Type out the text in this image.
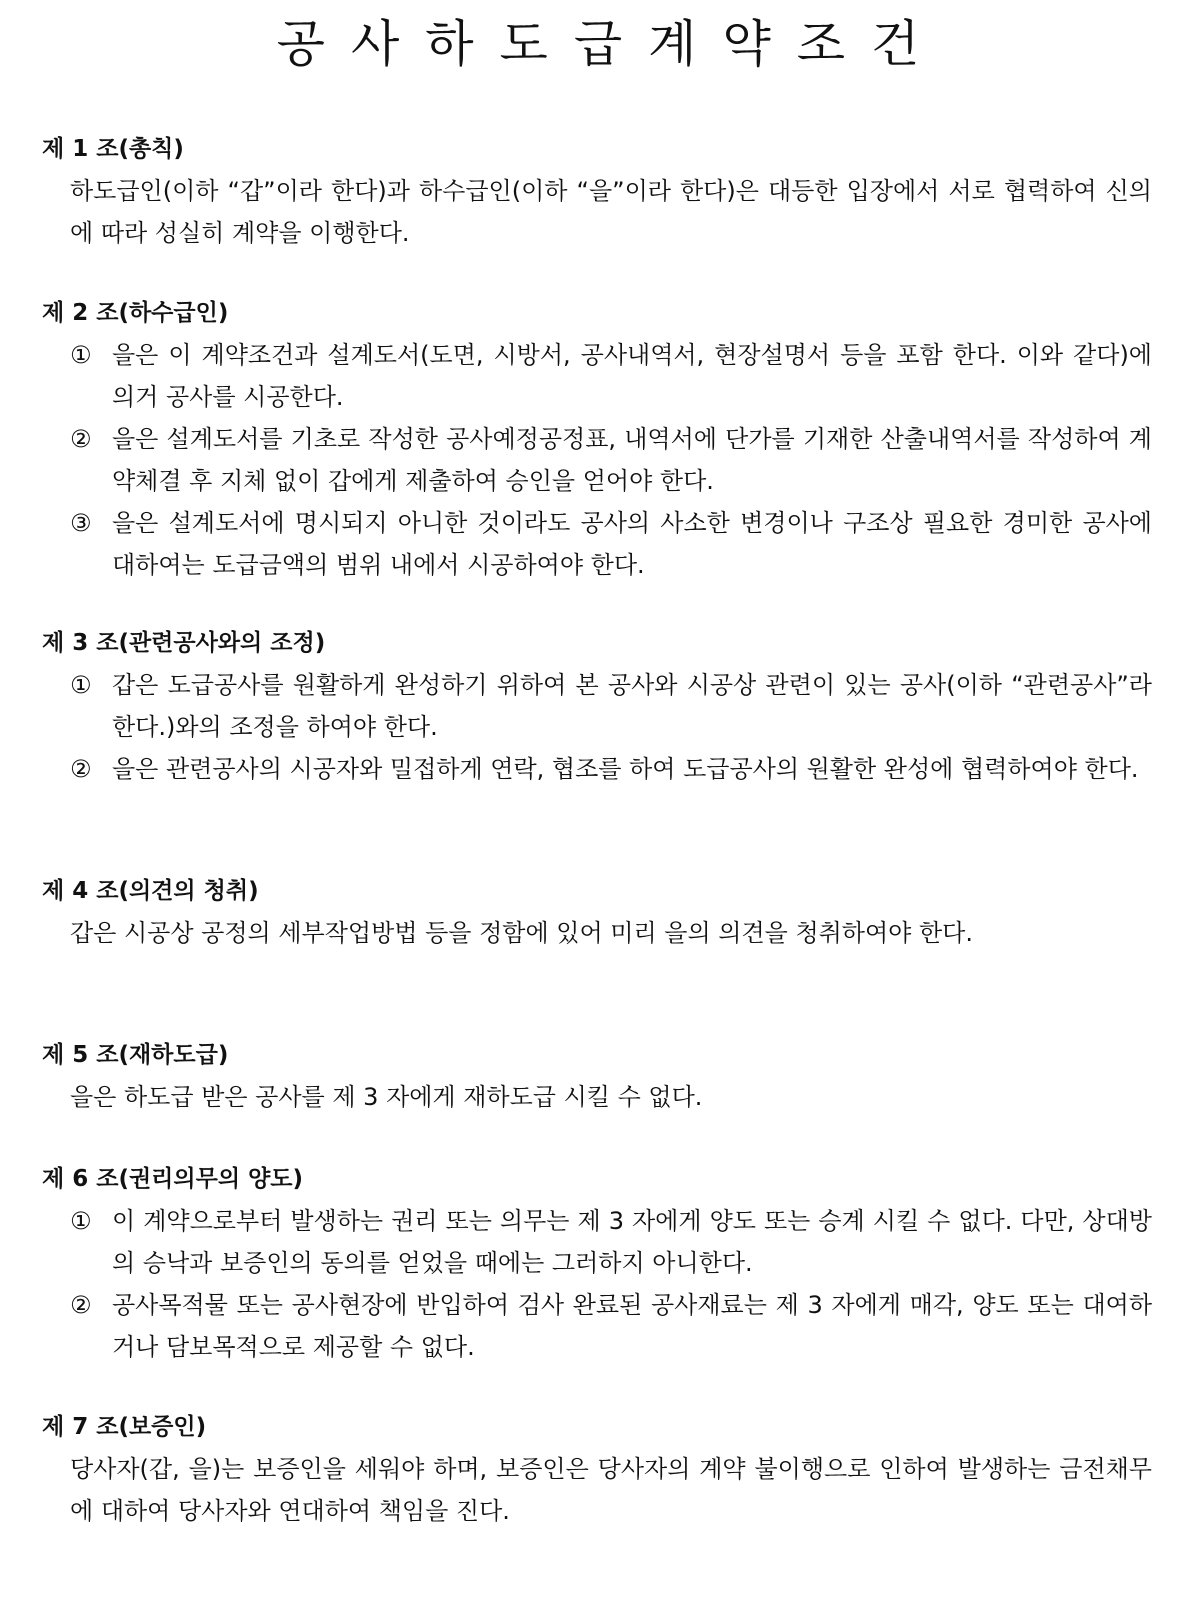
공사하도급계약조건
제 1 조(총칙)
하도급인(이하 “갑”이라 한다)과 하수급인(이하 “을”이라 한다)은 대등한 입장에서 서로 협력하여 신의에 따라 성실히 계약을 이행한다.
제 2 조(하수급인)
① 을은 이 계약조건과 설계도서(도면, 시방서, 공사내역서, 현장설명서 등을 포함 한다. 이와 같다)에 의거 공사를 시공한다.
② 을은 설계도서를 기초로 작성한 공사예정공정표, 내역서에 단가를 기재한 산출내역서를 작성하여 계약체결 후 지체 없이 갑에게 제출하여 승인을 얻어야 한다.
③ 을은 설계도서에 명시되지 아니한 것이라도 공사의 사소한 변경이나 구조상 필요한 경미한 공사에 대하여는 도급금액의 범위 내에서 시공하여야 한다.
제 3 조(관련공사와의 조정)
① 갑은 도급공사를 원활하게 완성하기 위하여 본 공사와 시공상 관련이 있는 공사(이하 “관련공사”라 한다.)와의 조정을 하여야 한다.
② 을은 관련공사의 시공자와 밀접하게 연락, 협조를 하여 도급공사의 원활한 완성에 협력하여야 한다.
제 4 조(의견의 청취)
갑은 시공상 공정의 세부작업방법 등을 정함에 있어 미리 을의 의견을 청취하여야 한다.
제 5 조(재하도급)
을은 하도급 받은 공사를 제 3 자에게 재하도급 시킬 수 없다.
제 6 조(권리의무의 양도)
① 이 계약으로부터 발생하는 권리 또는 의무는 제 3 자에게 양도 또는 승계 시킬 수 없다. 다만, 상대방의 승낙과 보증인의 동의를 얻었을 때에는 그러하지 아니한다.
② 공사목적물 또는 공사현장에 반입하여 검사 완료된 공사재료는 제 3 자에게 매각, 양도 또는 대여하거나 담보목적으로 제공할 수 없다.
제 7 조(보증인)
당사자(갑, 을)는 보증인을 세워야 하며, 보증인은 당사자의 계약 불이행으로 인하여 발생하는 금전채무에 대하여 당사자와 연대하여 책임을 진다.
